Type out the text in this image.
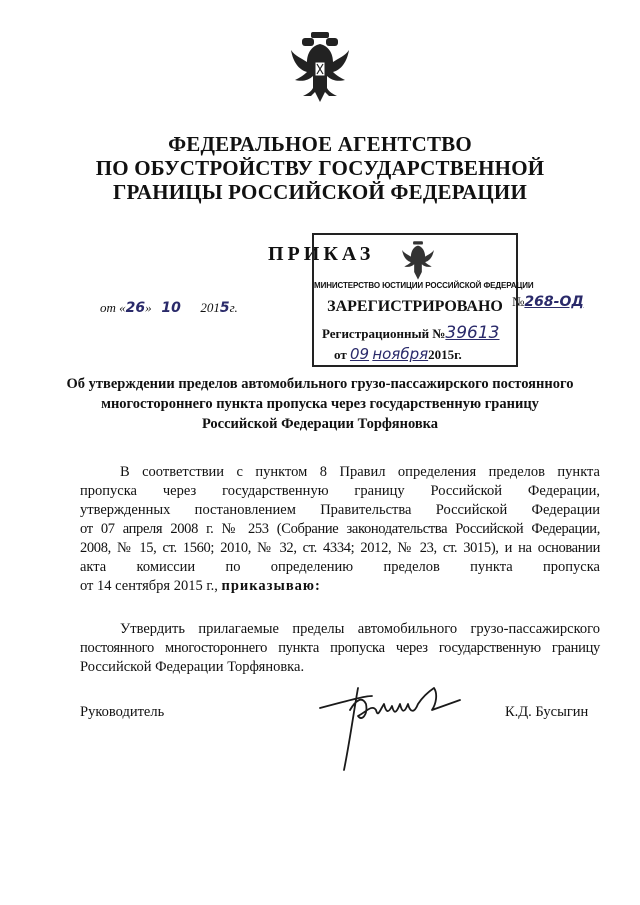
ФЕДЕРАЛЬНОЕ АГЕНТСТВО
ПО ОБУСТРОЙСТВУ ГОСУДАРСТВЕННОЙ
ГРАНИЦЫ РОССИЙСКОЙ ФЕДЕРАЦИИ
ПРИКАЗ
от «26» 10 2015г.	№268-ОД
МИНИСТЕРСТВО ЮСТИЦИИ РОССИЙСКОЙ ФЕДЕРАЦИИ
ЗАРЕГИСТРИРОВАНО
Регистрационный №39613
от 09 ноября2015г.
Об утверждении пределов автомобильного грузо-пассажирского постоянного
многостороннего пункта пропуска через государственную границу
Российской Федерации Торфяновка
В соответствии с пунктом 8 Правил определения пределов пункта
пропуска через государственную границу Российской Федерации,
утвержденных постановлением Правительства Российской Федерации
от 07 апреля 2008 г. № 253 (Собрание законодательства Российской Федерации,
2008, № 15, ст. 1560; 2010, № 32, ст. 4334; 2012, № 23, ст. 3015), и на основании
акта комиссии по определению пределов пункта пропуска
от 14 сентября 2015 г., приказываю:
Утвердить прилагаемые пределы автомобильного грузо-пассажирского
постоянного многостороннего пункта пропуска через государственную границу
Российской Федерации Торфяновка.
Руководитель	К.Д. Бусыгин
